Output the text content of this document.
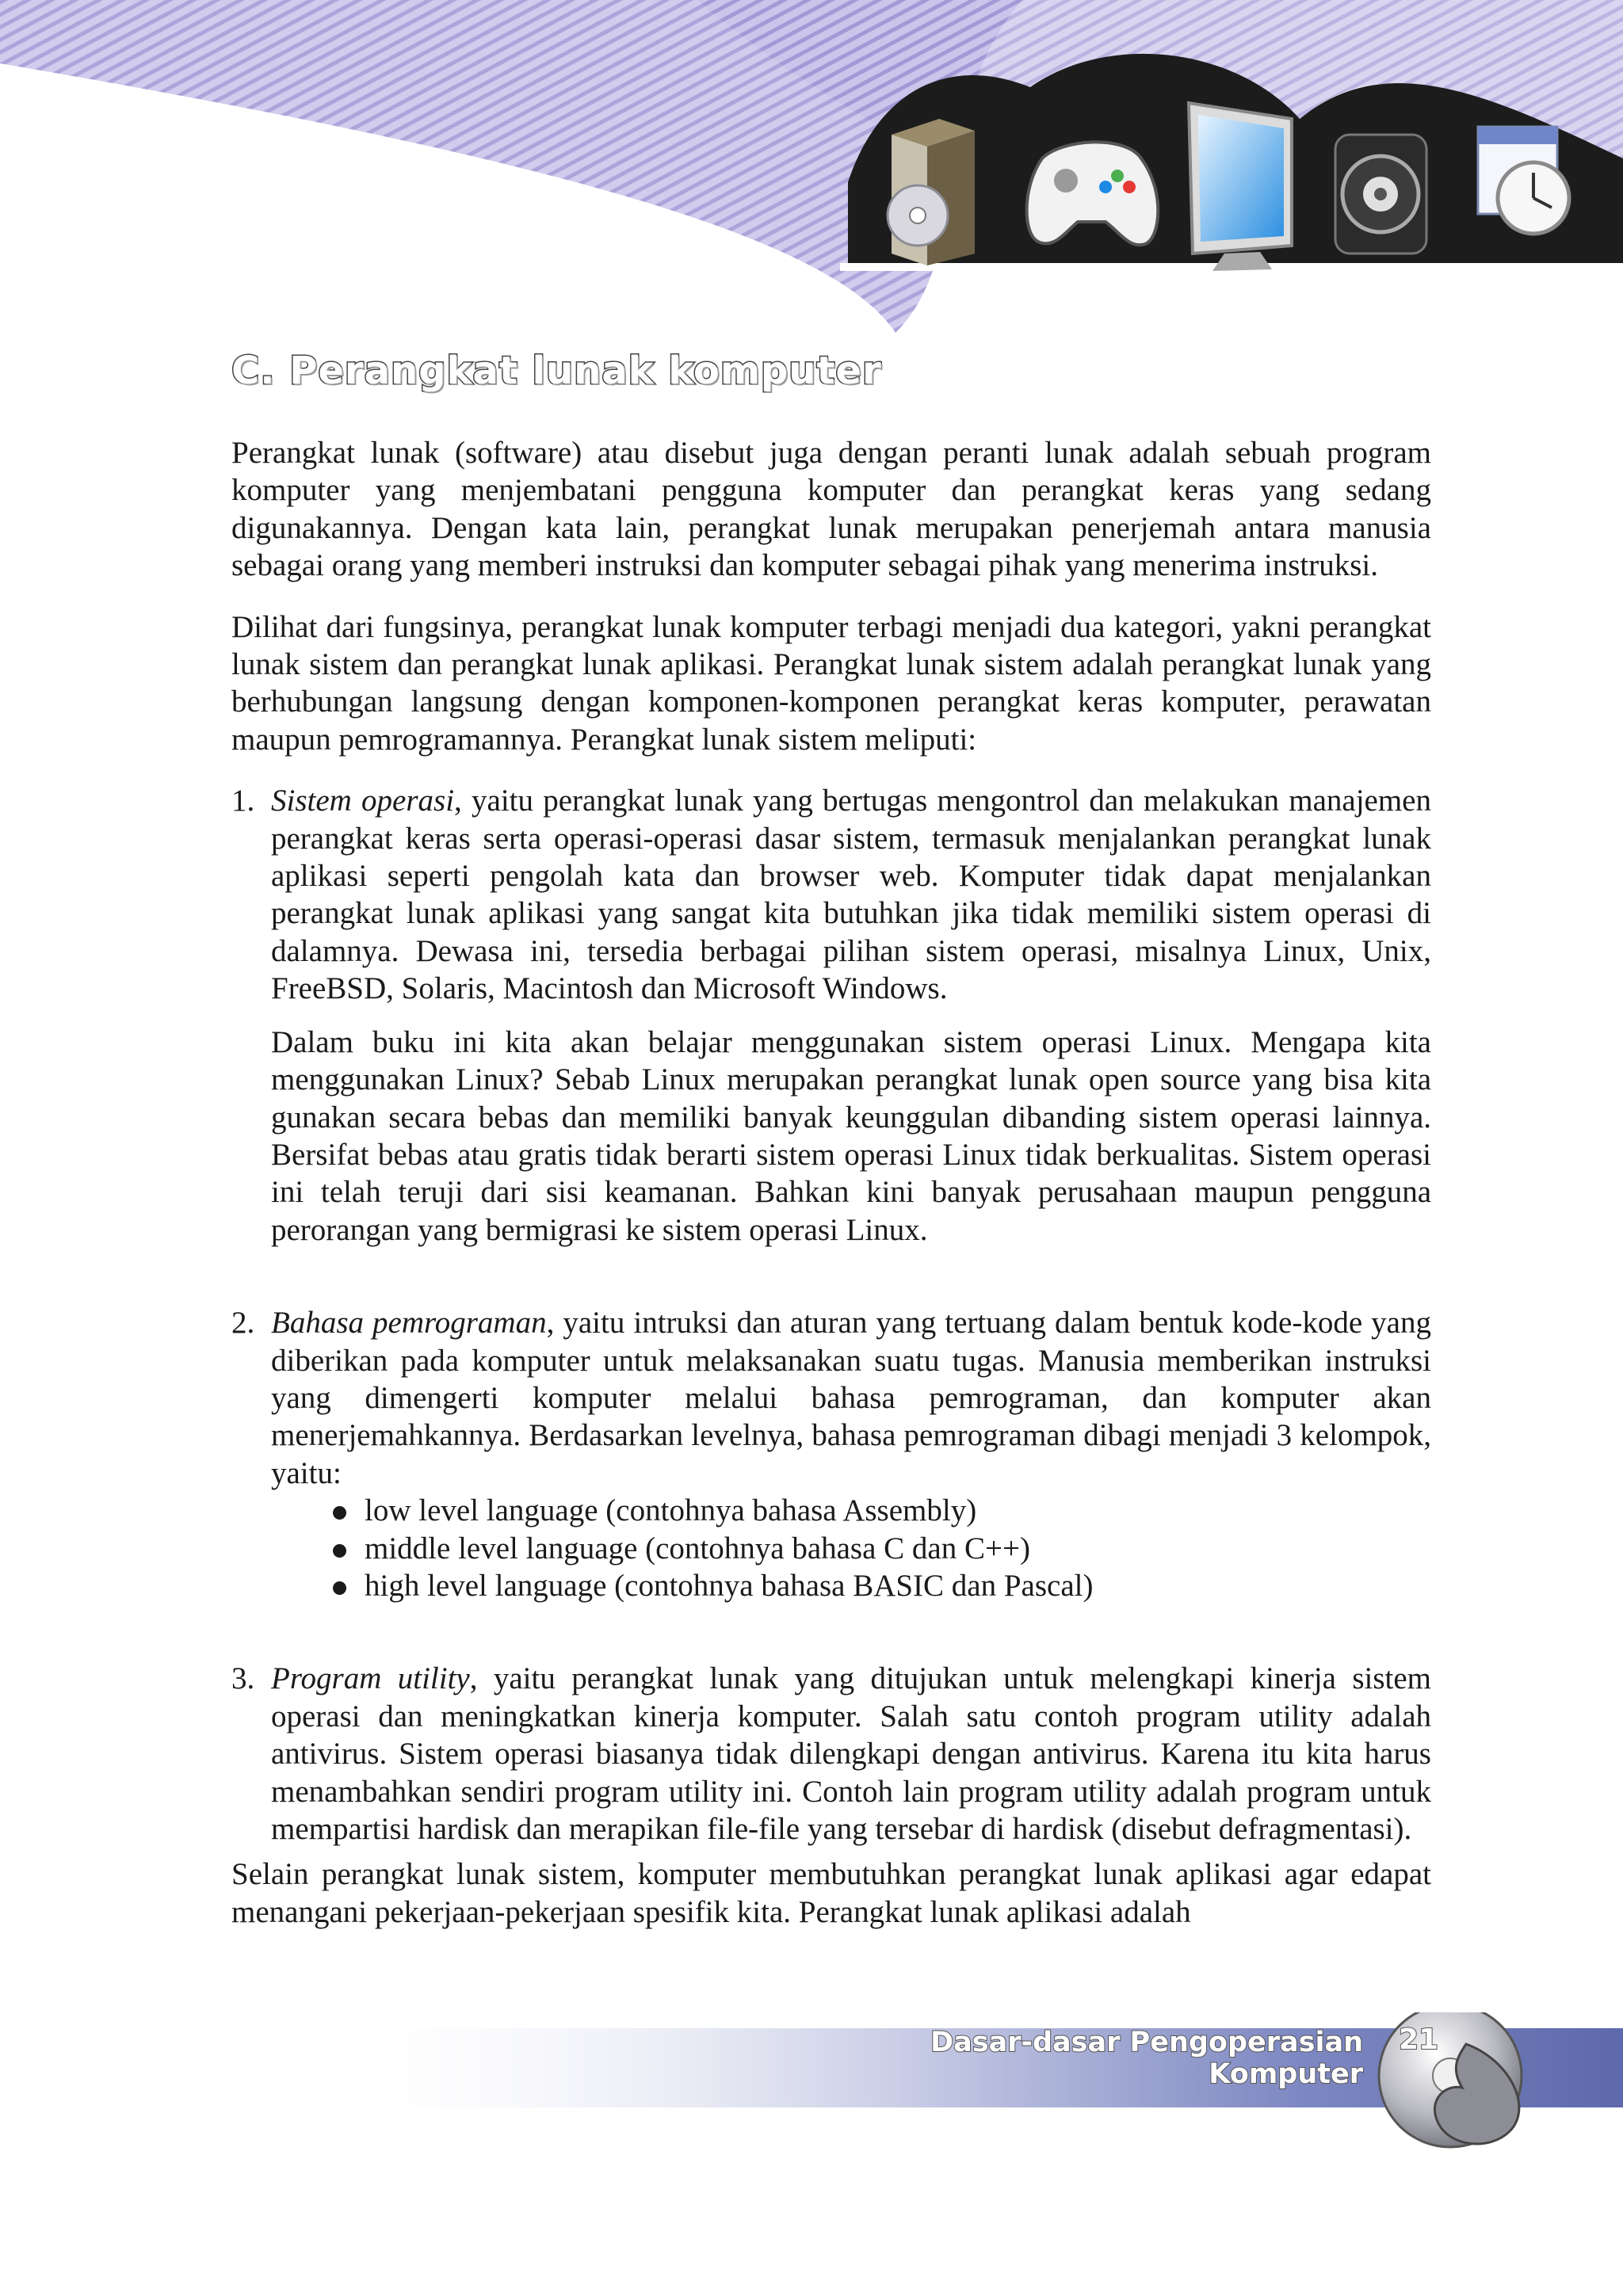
C. Perangkat lunak komputer

Perangkat lunak (software) atau disebut juga dengan peranti lunak adalah sebuah program komputer yang menjembatani pengguna komputer dan perangkat keras yang sedang digunakannya. Dengan kata lain, perangkat lunak merupakan penerjemah antara manusia sebagai orang yang memberi instruksi dan komputer sebagai pihak yang menerima instruksi.

Dilihat dari fungsinya, perangkat lunak komputer terbagi menjadi dua kategori, yakni perangkat lunak sistem dan perangkat lunak aplikasi. Perangkat lunak sistem adalah perangkat lunak yang berhubungan langsung dengan komponen-komponen perangkat keras komputer, perawatan maupun pemrogramannya. Perangkat lunak sistem meliputi:

1. Sistem operasi, yaitu perangkat lunak yang bertugas mengontrol dan melakukan manajemen perangkat keras serta operasi-operasi dasar sistem, termasuk menjalankan perangkat lunak aplikasi seperti pengolah kata dan browser web. Komputer tidak dapat menjalankan perangkat lunak aplikasi yang sangat kita butuhkan jika tidak memiliki sistem operasi di dalamnya. Dewasa ini, tersedia berbagai pilihan sistem operasi, misalnya Linux, Unix, FreeBSD, Solaris, Macintosh dan Microsoft Windows.

Dalam buku ini kita akan belajar menggunakan sistem operasi Linux. Mengapa kita menggunakan Linux? Sebab Linux merupakan perangkat lunak open source yang bisa kita gunakan secara bebas dan memiliki banyak keunggulan dibanding sistem operasi lainnya. Bersifat bebas atau gratis tidak berarti sistem operasi Linux tidak berkualitas. Sistem operasi ini telah teruji dari sisi keamanan. Bahkan kini banyak perusahaan maupun pengguna perorangan yang bermigrasi ke sistem operasi Linux.

2. Bahasa pemrograman, yaitu intruksi dan aturan yang tertuang dalam bentuk kode-kode yang diberikan pada komputer untuk melaksanakan suatu tugas. Manusia memberikan instruksi yang dimengerti komputer melalui bahasa pemrograman, dan komputer akan menerjemahkannya. Berdasarkan levelnya, bahasa pemrograman dibagi menjadi 3 kelompok, yaitu:

low level language (contohnya bahasa Assembly)
middle level language (contohnya bahasa C dan C++)
high level language (contohnya bahasa BASIC dan Pascal)
3. Program utility, yaitu perangkat lunak yang ditujukan untuk melengkapi kinerja sistem operasi dan meningkatkan kinerja komputer. Salah satu contoh program utility adalah antivirus. Sistem operasi biasanya tidak dilengkapi dengan antivirus. Karena itu kita harus menambahkan sendiri program utility ini. Contoh lain program utility adalah program untuk mempartisi hardisk dan merapikan file-file yang tersebar di hardisk (disebut defragmentasi).

Selain perangkat lunak sistem, komputer membutuhkan perangkat lunak aplikasi agar edapat menangani pekerjaan-pekerjaan spesifik kita. Perangkat lunak aplikasi adalah

Dasar-dasar Pengoperasian Komputer
21
